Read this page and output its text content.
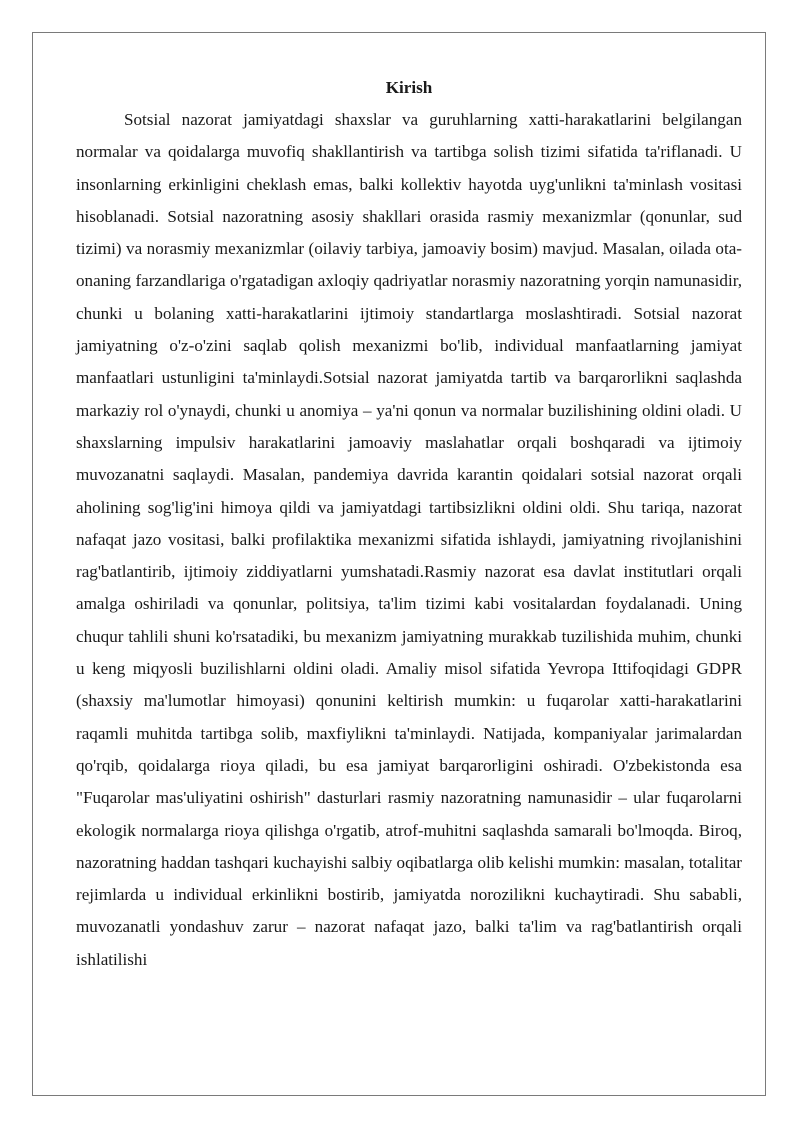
Kirish

Sotsial nazorat jamiyatdagi shaxslar va guruhlarning xatti-harakatlarini belgilangan normalar va qoidalarga muvofiq shakllantirish va tartibga solish tizimi sifatida ta'riflanadi. U insonlarning erkinligini cheklash emas, balki kollektiv hayotda uyg'unlikni ta'minlash vositasi hisoblanadi. Sotsial nazoratning asosiy shakllari orasida rasmiy mexanizmlar (qonunlar, sud tizimi) va norasmiy mexanizmlar (oilaviy tarbiya, jamoaviy bosim) mavjud. Masalan, oilada ota-onaning farzandlariga o'rgatadigan axloqiy qadriyatlar norasmiy nazoratning yorqin namunasidir, chunki u bolaning xatti-harakatlarini ijtimoiy standartlarga moslashtiradi. Sotsial nazorat jamiyatning o'z-o'zini saqlab qolish mexanizmi bo'lib, individual manfaatlarning jamiyat manfaatlari ustunligini ta'minlaydi.Sotsial nazorat jamiyatda tartib va barqarorlikni saqlashda markaziy rol o'ynaydi, chunki u anomiya – ya'ni qonun va normalar buzilishining oldini oladi. U shaxslarning impulsiv harakatlarini jamoaviy maslahatlar orqali boshqaradi va ijtimoiy muvozanatni saqlaydi. Masalan, pandemiya davrida karantin qoidalari sotsial nazorat orqali aholining sog'lig'ini himoya qildi va jamiyatdagi tartibsizlikni oldini oldi. Shu tariqa, nazorat nafaqat jazo vositasi, balki profilaktika mexanizmi sifatida ishlaydi, jamiyatning rivojlanishini rag'batlantirib, ijtimoiy ziddiyatlarni yumshatadi.Rasmiy nazorat esa davlat institutlari orqali amalga oshiriladi va qonunlar, politsiya, ta'lim tizimi kabi vositalardan foydalanadi. Uning chuqur tahlili shuni ko'rsatadiki, bu mexanizm jamiyatning murakkab tuzilishida muhim, chunki u keng miqyosli buzilishlarni oldini oladi. Amaliy misol sifatida Yevropa Ittifoqidagi GDPR (shaxsiy ma'lumotlar himoyasi) qonunini keltirish mumkin: u fuqarolar xatti-harakatlarini raqamli muhitda tartibga solib, maxfiylikni ta'minlaydi. Natijada, kompaniyalar jarimalardan qo'rqib, qoidalarga rioya qiladi, bu esa jamiyat barqarorligini oshiradi. O'zbekistonda esa "Fuqarolar mas'uliyatini oshirish" dasturlari rasmiy nazoratning namunasidir – ular fuqarolarni ekologik normalarga rioya qilishga o'rgatib, atrof-muhitni saqlashda samarali bo'lmoqda. Biroq, nazoratning haddan tashqari kuchayishi salbiy oqibatlarga olib kelishi mumkin: masalan, totalitar rejimlarda u individual erkinlikni bostirib, jamiyatda norozilikni kuchaytiradi. Shu sababli, muvozanatli yondashuv zarur – nazorat nafaqat jazo, balki ta'lim va rag'batlantirish orqali ishlatilishi
